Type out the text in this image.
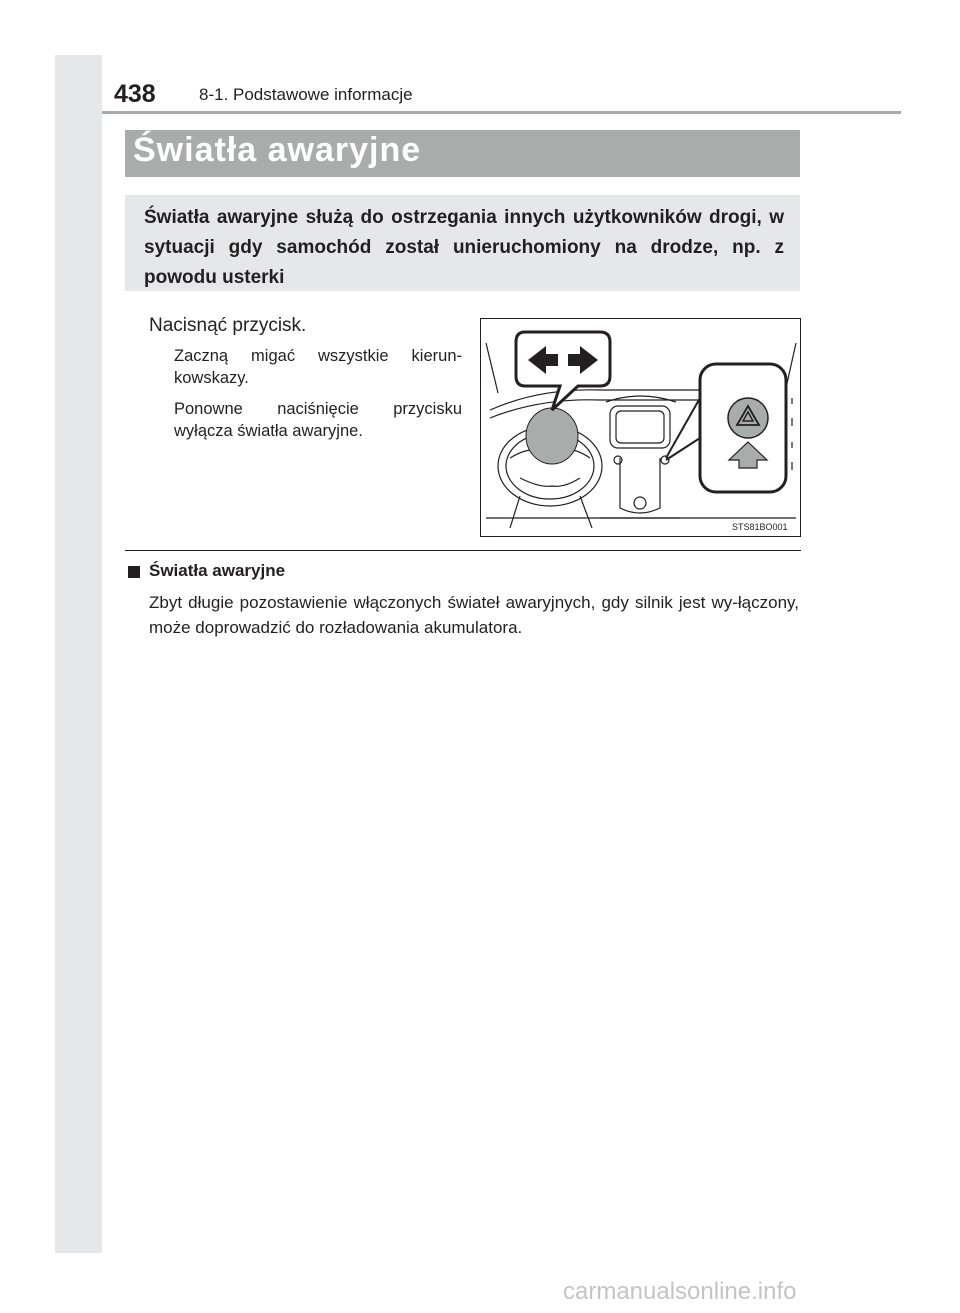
438	8-1. Podstawowe informacje
Światła awaryjne
Światła awaryjne służą do ostrzegania innych użytkowników drogi, w sytuacji gdy samochód został unieruchomiony na drodze, np. z powodu usterki
Nacisnąć przycisk.
Zaczną migać wszystkie kierun-kowskazy.
Ponowne naciśnięcie przycisku wyłącza światła awaryjne.
STS81BO001
Światła awaryjne
Zbyt długie pozostawienie włączonych świateł awaryjnych, gdy silnik jest wy-łączony, może doprowadzić do rozładowania akumulatora.
carmanualsonline.info
